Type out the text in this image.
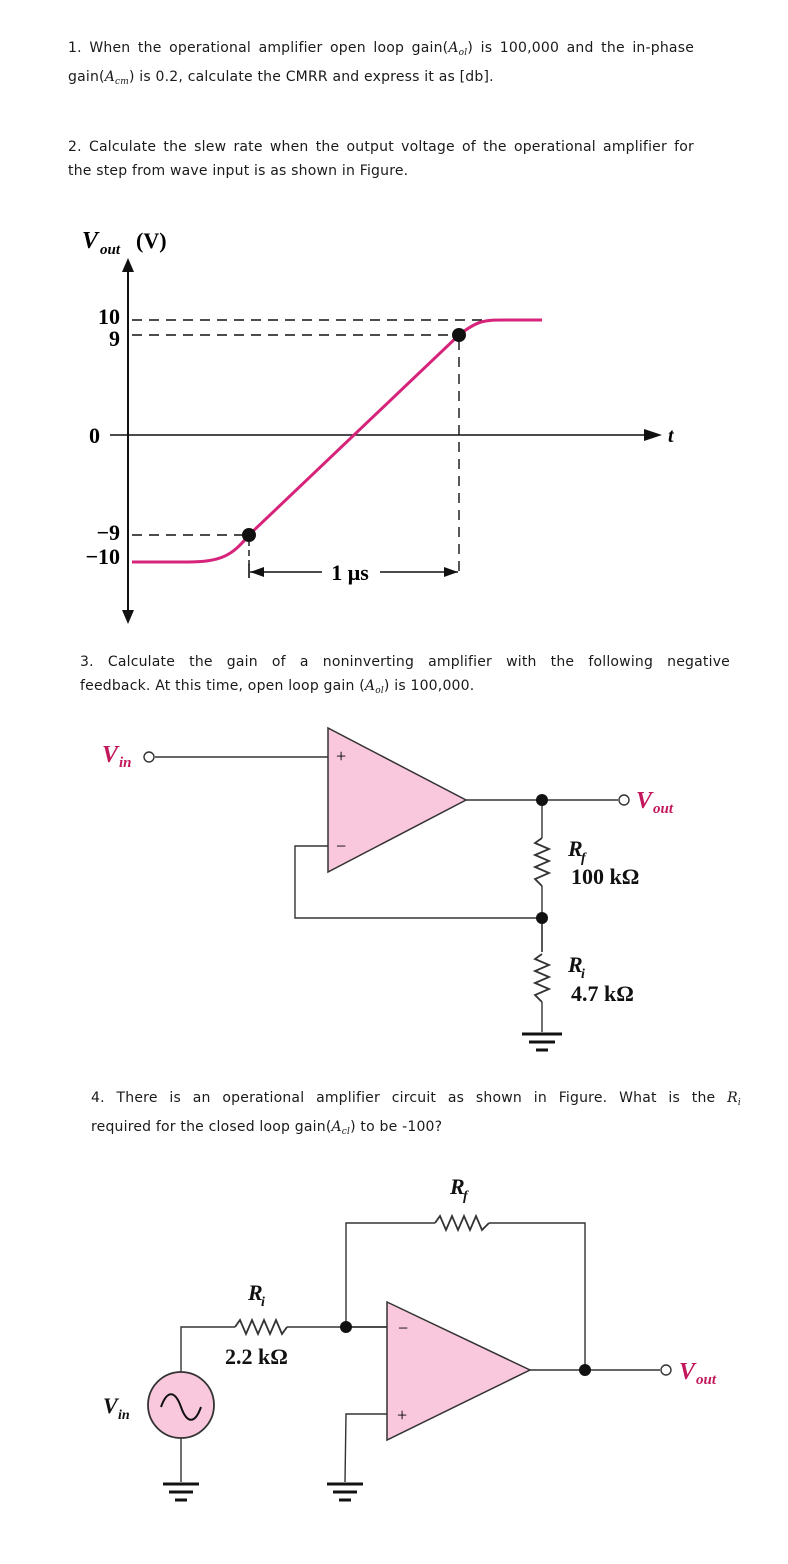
1. When the operational amplifier open loop $gain(A_{ol})$ is 100,000 and the in-phase
$gain(A_{cm})$ is 0.2, calculate the CMRR and express it as [db].
2. Calculate the slew rate when the output voltage of the operational amplifier for
the step from wave input is as shown in Figure.
V out (V)
t
10
9
0
−9
−10
1 μs
3. Calculate the gain of a noninverting amplifier with the following negative
feedback. At this time, open loop gain $(A_{ol})$ is 100,000.
V in
V out
+
−	R
f
100 kΩ
R
i
4.7 kΩ
4. There is an operational amplifier circuit as shown in Figure. What is the $R_i$
required for the closed loop $gain(A_{cl})$ to be -100?
−
+
R
f
R
i
2.2 kΩ
V in
V out
